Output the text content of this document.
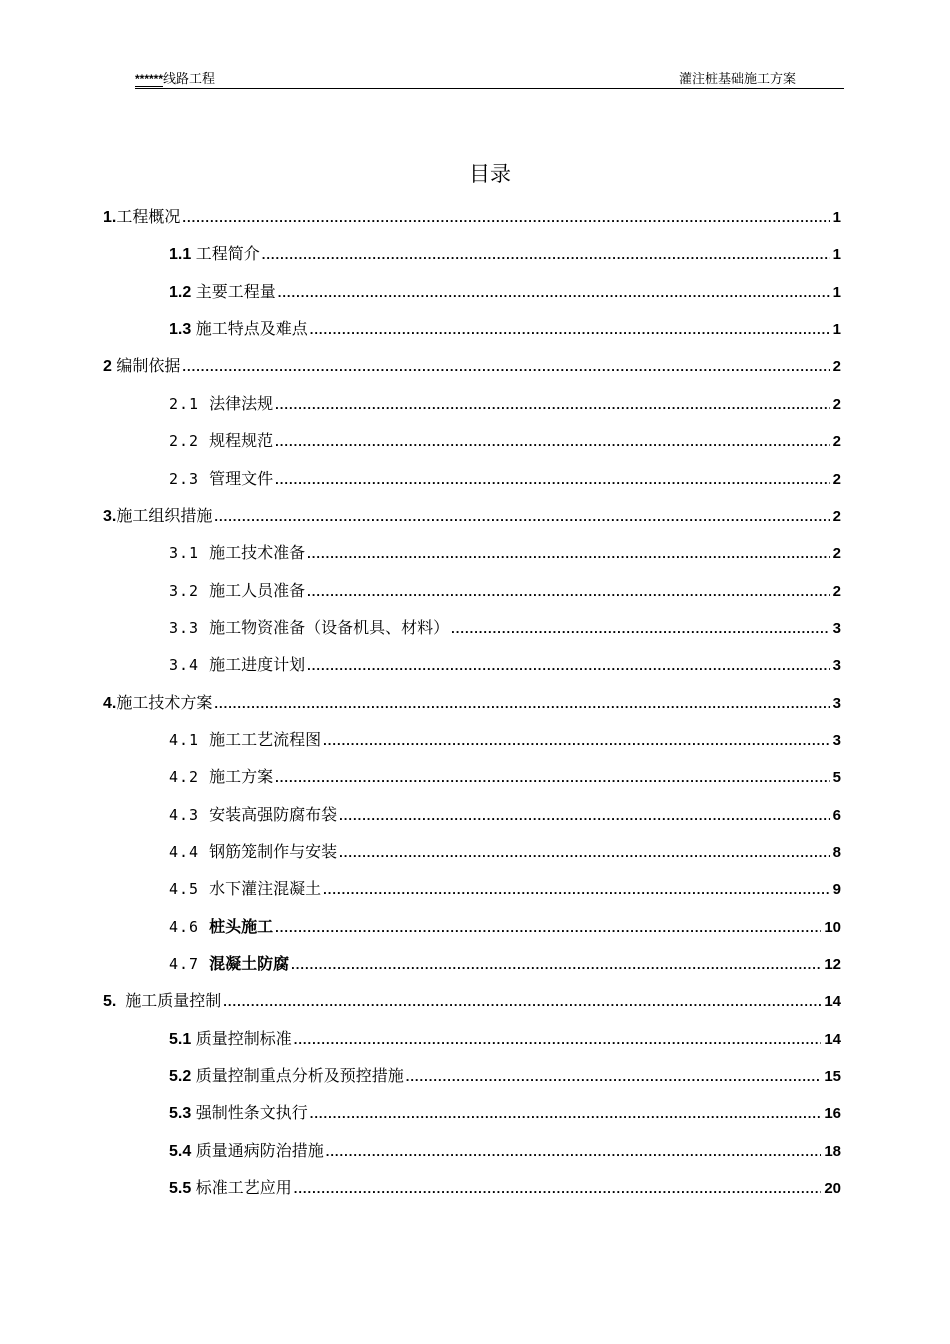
******线路工程	灌注桩基础施工方案
目录
1.工程概况 .....	1
1.1 工程简介 .....	1
1.2 主要工程量 .....	1
1.3 施工特点及难点 .....	1
2 编制依据 .....	2
2.1 法律法规 .....	2
2.2 规程规范 .....	2
2.3 管理文件 .....	2
3.施工组织措施 .....	2
3.1 施工技术准备 .....	2
3.2 施工人员准备 .....	2
3.3 施工物资准备（设备机具、材料） .....	3
3.4 施工进度计划 .....	3
4.施工技术方案 .....	3
4.1 施工工艺流程图 .....	3
4.2 施工方案 .....	5
4.3 安装高强防腐布袋 .....	6
4.4 钢筋笼制作与安装 .....	8
4.5 水下灌注混凝土 .....	9
4.6 桩头施工 .....	10
4.7 混凝土防腐 .....	12
5.  施工质量控制 .....	14
5.1 质量控制标准 .....	14
5.2 质量控制重点分析及预控措施 .....	15
5.3 强制性条文执行 .....	16
5.4 质量通病防治措施 .....	18
5.5 标准工艺应用 .....	20
